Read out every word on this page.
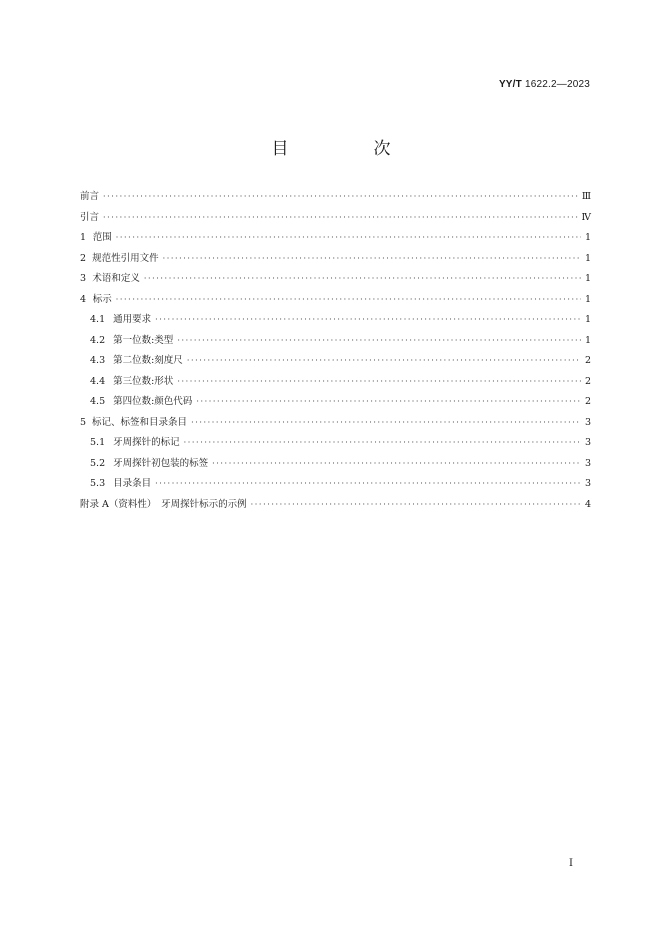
YY/T 1622.2—2023
目　次
前言 ·····	Ⅲ
引言 ·····	Ⅳ
1 范围 ·····	1
2 规范性引用文件 ·····	1
3 术语和定义 ·····	1
4 标示 ·····	1
4.1 通用要求 ·····	1
4.2 第一位数:类型 ·····	1
4.3 第二位数:刻度尺 ·····	2
4.4 第三位数:形状 ·····	2
4.5 第四位数:颜色代码 ·····	2
5 标记、标签和目录条目 ·····	3
5.1 牙周探针的标记 ·····	3
5.2 牙周探针初包装的标签 ·····	3
5.3 目录条目 ·····	3
附录 A（资料性）　牙周探针标示的示例 ·····	4
Ⅰ
